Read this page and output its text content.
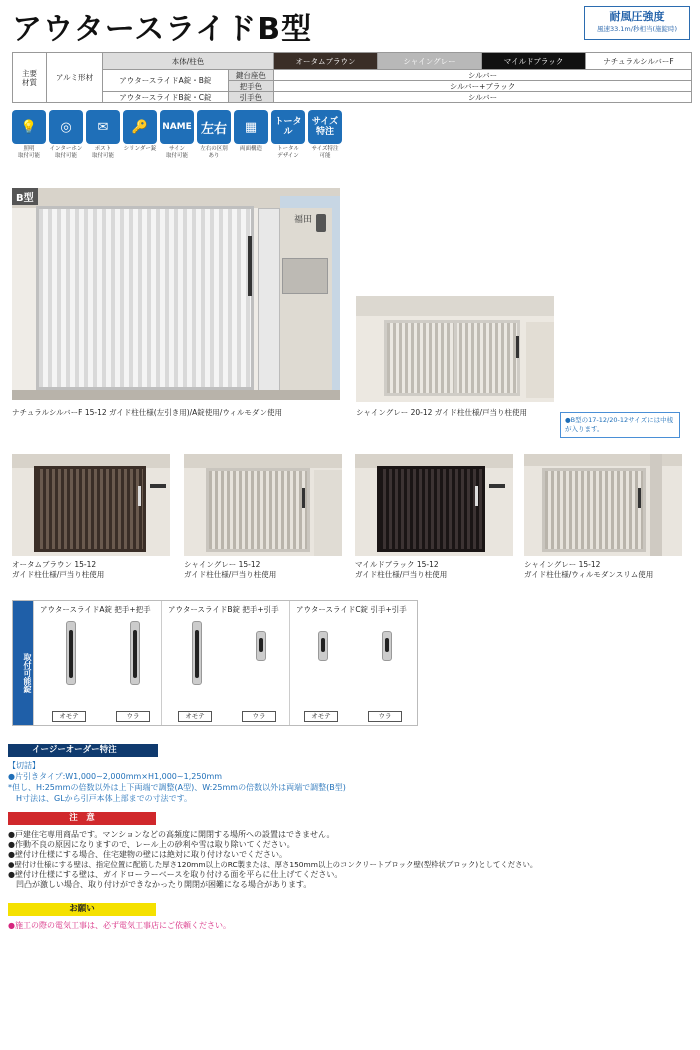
アウタースライドB型	耐風圧強度
風速33.1m/秒相当(施錠時)
主要
材質	アルミ形材	本体/柱色		オータムブラウン	シャイングレー	マイルドブラック	ナチュラルシルバーF
		アウタースライドA錠・B錠	鍵台座色	シルバー			
			把手色	シルバー+ブラック			
		アウタースライドB錠・C錠	引手色	シルバー			
💡
照明
取付可能
◎
インターホン
取付可能
✉
ポスト
取付可能
🔑
シリンダー錠
NAME
サイン
取付可能
左右
左右の区別
あり
▦
両面構造
トータル
トータル
デザイン
サイズ
特注
サイズ特注
可能
B型
福田
ナチュラルシルバーF 15-12 ガイド柱仕様(左引き用)/A錠使用/ウィルモダン使用	シャイングレー 20-12 ガイド柱仕様/戸当り柱使用
●B型の17-12/20-12サイズには中桟が入ります。
オータムブラウン 15-12
ガイド柱仕様/戸当り柱使用
シャイングレー 15-12
ガイド柱仕様/戸当り柱使用
マイルドブラック 15-12
ガイド柱仕様/戸当り柱使用
シャイングレー 15-12
ガイド柱仕様/ウィルモダンスリム使用
取付可能錠
アウタースライドA錠 把手+把手
オモテ	ウラ
アウタースライドB錠 把手+引手
オモテ	ウラ
アウタースライドC錠 引手+引手
オモテ	ウラ
イージーオーダー特注
【切詰】
●片引きタイプ:W1,000~2,000mm×H1,000~1,250mm
*但し、H:25mmの倍数以外は上下両端で調整(A型)、W:25mmの倍数以外は両端で調整(B型)
　H寸法は、GLから引戸本体上部までの寸法です。
注　意
●戸建住宅専用商品です。マンションなどの高頻度に開閉する場所への設置はできません。
●作動不良の原因になりますので、レール上の砂利や雪は取り除いてください。
●壁付け仕様にする場合、住宅建物の壁には絶対に取り付けないでください。
●壁付け仕様にする壁は、指定位置に配筋した厚さ120mm以上のRC製または、厚さ150mm以上のコンクリートブロック壁(型枠状ブロック)としてください。
●壁付け仕様にする壁は、ガイドローラーベースを取り付ける面を平らに仕上げてください。
　凹凸が激しい場合、取り付けができなかったり開閉が困難になる場合があります。
お願い
●施工の際の電気工事は、必ず電気工事店にご依頼ください。
